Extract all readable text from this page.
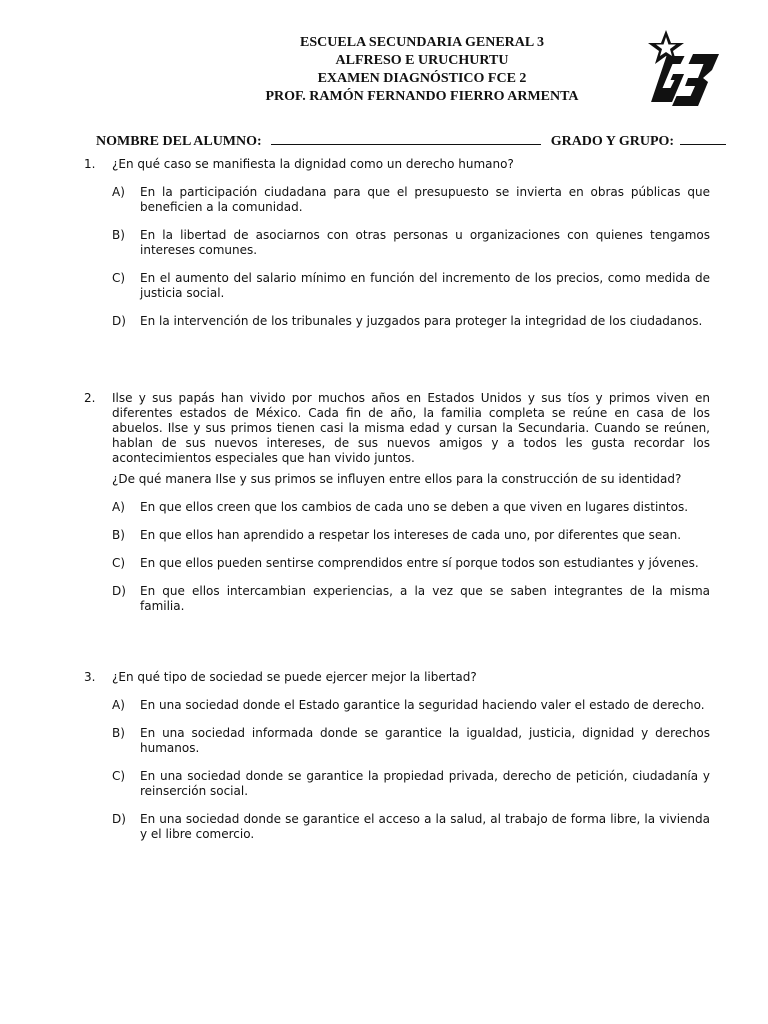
ESCUELA SECUNDARIA GENERAL 3
ALFRESO E URUCHURTU
EXAMEN DIAGNÓSTICO FCE 2
PROF. RAMÓN FERNANDO FIERRO ARMENTA
NOMBRE DEL ALUMNO:	GRADO Y GRUPO:
1. ¿En qué caso se manifiesta la dignidad como un derecho humano?
A) En la participación ciudadana para que el presupuesto se invierta en obras públicas que beneficien a la comunidad.
B) En la libertad de asociarnos con otras personas u organizaciones con quienes tengamos intereses comunes.
C) En el aumento del salario mínimo en función del incremento de los precios, como medida de justicia social.
D) En la intervención de los tribunales y juzgados para proteger la integridad de los ciudadanos.
2. Ilse y sus papás han vivido por muchos años en Estados Unidos y sus tíos y primos viven en diferentes estados de México. Cada fin de año, la familia completa se reúne en casa de los abuelos. Ilse y sus primos tienen casi la misma edad y cursan la Secundaria. Cuando se reúnen, hablan de sus nuevos intereses, de sus nuevos amigos y a todos les gusta recordar los acontecimientos especiales que han vivido juntos.
¿De qué manera Ilse y sus primos se influyen entre ellos para la construcción de su identidad?
A) En que ellos creen que los cambios de cada uno se deben a que viven en lugares distintos.
B) En que ellos han aprendido a respetar los intereses de cada uno, por diferentes que sean.
C) En que ellos pueden sentirse comprendidos entre sí porque todos son estudiantes y jóvenes.
D) En que ellos intercambian experiencias, a la vez que se saben integrantes de la misma familia.
3. ¿En qué tipo de sociedad se puede ejercer mejor la libertad?
A) En una sociedad donde el Estado garantice la seguridad haciendo valer el estado de derecho.
B) En una sociedad informada donde se garantice la igualdad, justicia, dignidad y derechos humanos.
C) En una sociedad donde se garantice la propiedad privada, derecho de petición, ciudadanía y reinserción social.
D) En una sociedad donde se garantice el acceso a la salud, al trabajo de forma libre, la vivienda y el libre comercio.
